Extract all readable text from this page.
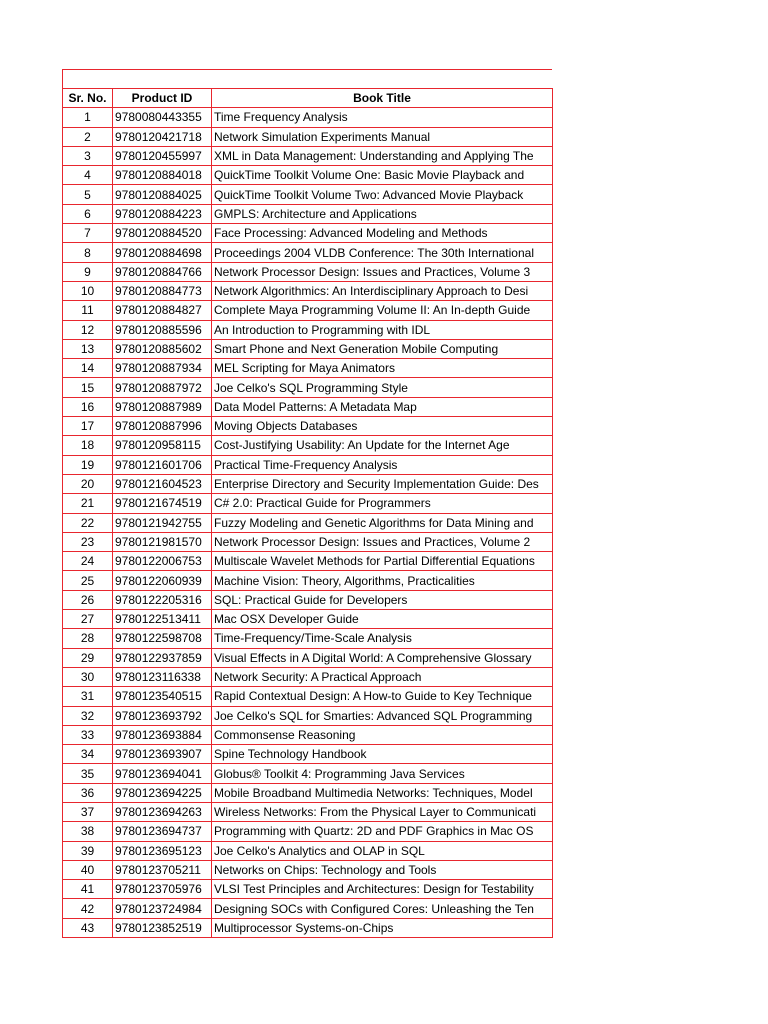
Sr. No.	Product ID	Book Title
1	9780080443355	Time Frequency Analysis
2	9780120421718	Network Simulation Experiments Manual
3	9780120455997	XML in Data Management: Understanding and Applying The
4	9780120884018	QuickTime Toolkit Volume One: Basic Movie Playback and
5	9780120884025	QuickTime Toolkit Volume Two: Advanced Movie Playback
6	9780120884223	GMPLS: Architecture and Applications
7	9780120884520	Face Processing: Advanced Modeling and Methods
8	9780120884698	Proceedings 2004 VLDB Conference: The 30th International
9	9780120884766	Network Processor Design: Issues and Practices, Volume 3
10	9780120884773	Network Algorithmics: An Interdisciplinary Approach to Desi
11	9780120884827	Complete Maya Programming Volume II: An In-depth Guide
12	9780120885596	An Introduction to Programming with IDL
13	9780120885602	Smart Phone and Next Generation Mobile Computing
14	9780120887934	MEL Scripting for Maya Animators
15	9780120887972	Joe Celko's SQL Programming Style
16	9780120887989	Data Model Patterns: A Metadata Map
17	9780120887996	Moving Objects Databases
18	9780120958115	Cost-Justifying Usability: An Update for the Internet Age
19	9780121601706	Practical Time-Frequency Analysis
20	9780121604523	Enterprise Directory and Security Implementation Guide: Des
21	9780121674519	C# 2.0: Practical Guide for Programmers
22	9780121942755	Fuzzy Modeling and Genetic Algorithms for Data Mining and
23	9780121981570	Network Processor Design: Issues and Practices, Volume 2
24	9780122006753	Multiscale Wavelet Methods for Partial Differential Equations
25	9780122060939	Machine Vision: Theory, Algorithms, Practicalities
26	9780122205316	SQL: Practical Guide for Developers
27	9780122513411	Mac OSX Developer Guide
28	9780122598708	Time-Frequency/Time-Scale Analysis
29	9780122937859	Visual Effects in A Digital World: A Comprehensive Glossary
30	9780123116338	Network Security: A Practical Approach
31	9780123540515	Rapid Contextual Design: A How-to Guide to Key Technique
32	9780123693792	Joe Celko's SQL for Smarties: Advanced SQL Programming
33	9780123693884	Commonsense Reasoning
34	9780123693907	Spine Technology Handbook
35	9780123694041	Globus® Toolkit 4: Programming Java Services
36	9780123694225	Mobile Broadband Multimedia Networks: Techniques, Model
37	9780123694263	Wireless Networks: From the Physical Layer to Communicati
38	9780123694737	Programming with Quartz: 2D and PDF Graphics in Mac OS
39	9780123695123	Joe Celko's Analytics and OLAP in SQL
40	9780123705211	Networks on Chips: Technology and Tools
41	9780123705976	VLSI Test Principles and Architectures: Design for Testability
42	9780123724984	Designing SOCs with Configured Cores: Unleashing the Ten
43	9780123852519	Multiprocessor Systems-on-Chips
